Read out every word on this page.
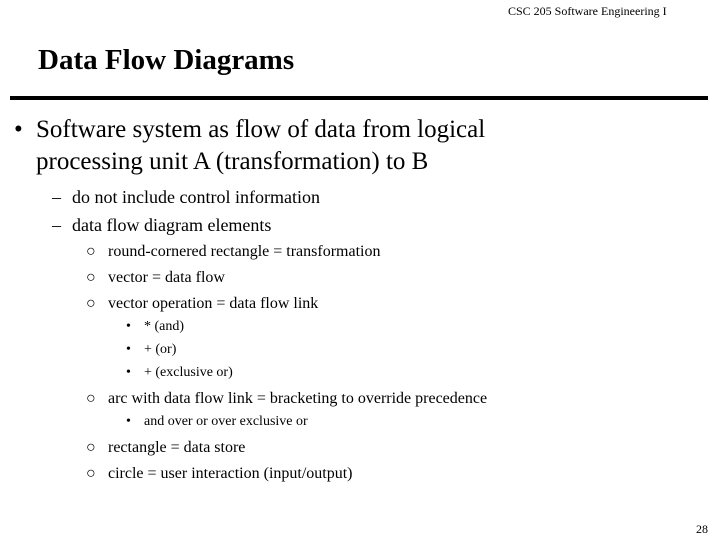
CSC 205 Software Engineering I
Data Flow Diagrams
• Software system as flow of data from logical
processing unit A (transformation) to B
– do not include control information
– data flow diagram elements
○ round-cornered rectangle = transformation
○ vector = data flow
○ vector operation = data flow link
• * (and)
• + (or)
• + (exclusive or)
○ arc with data flow link = bracketing to override precedence
• and over or over exclusive or
○ rectangle = data store
○ circle = user interaction (input/output)
28
